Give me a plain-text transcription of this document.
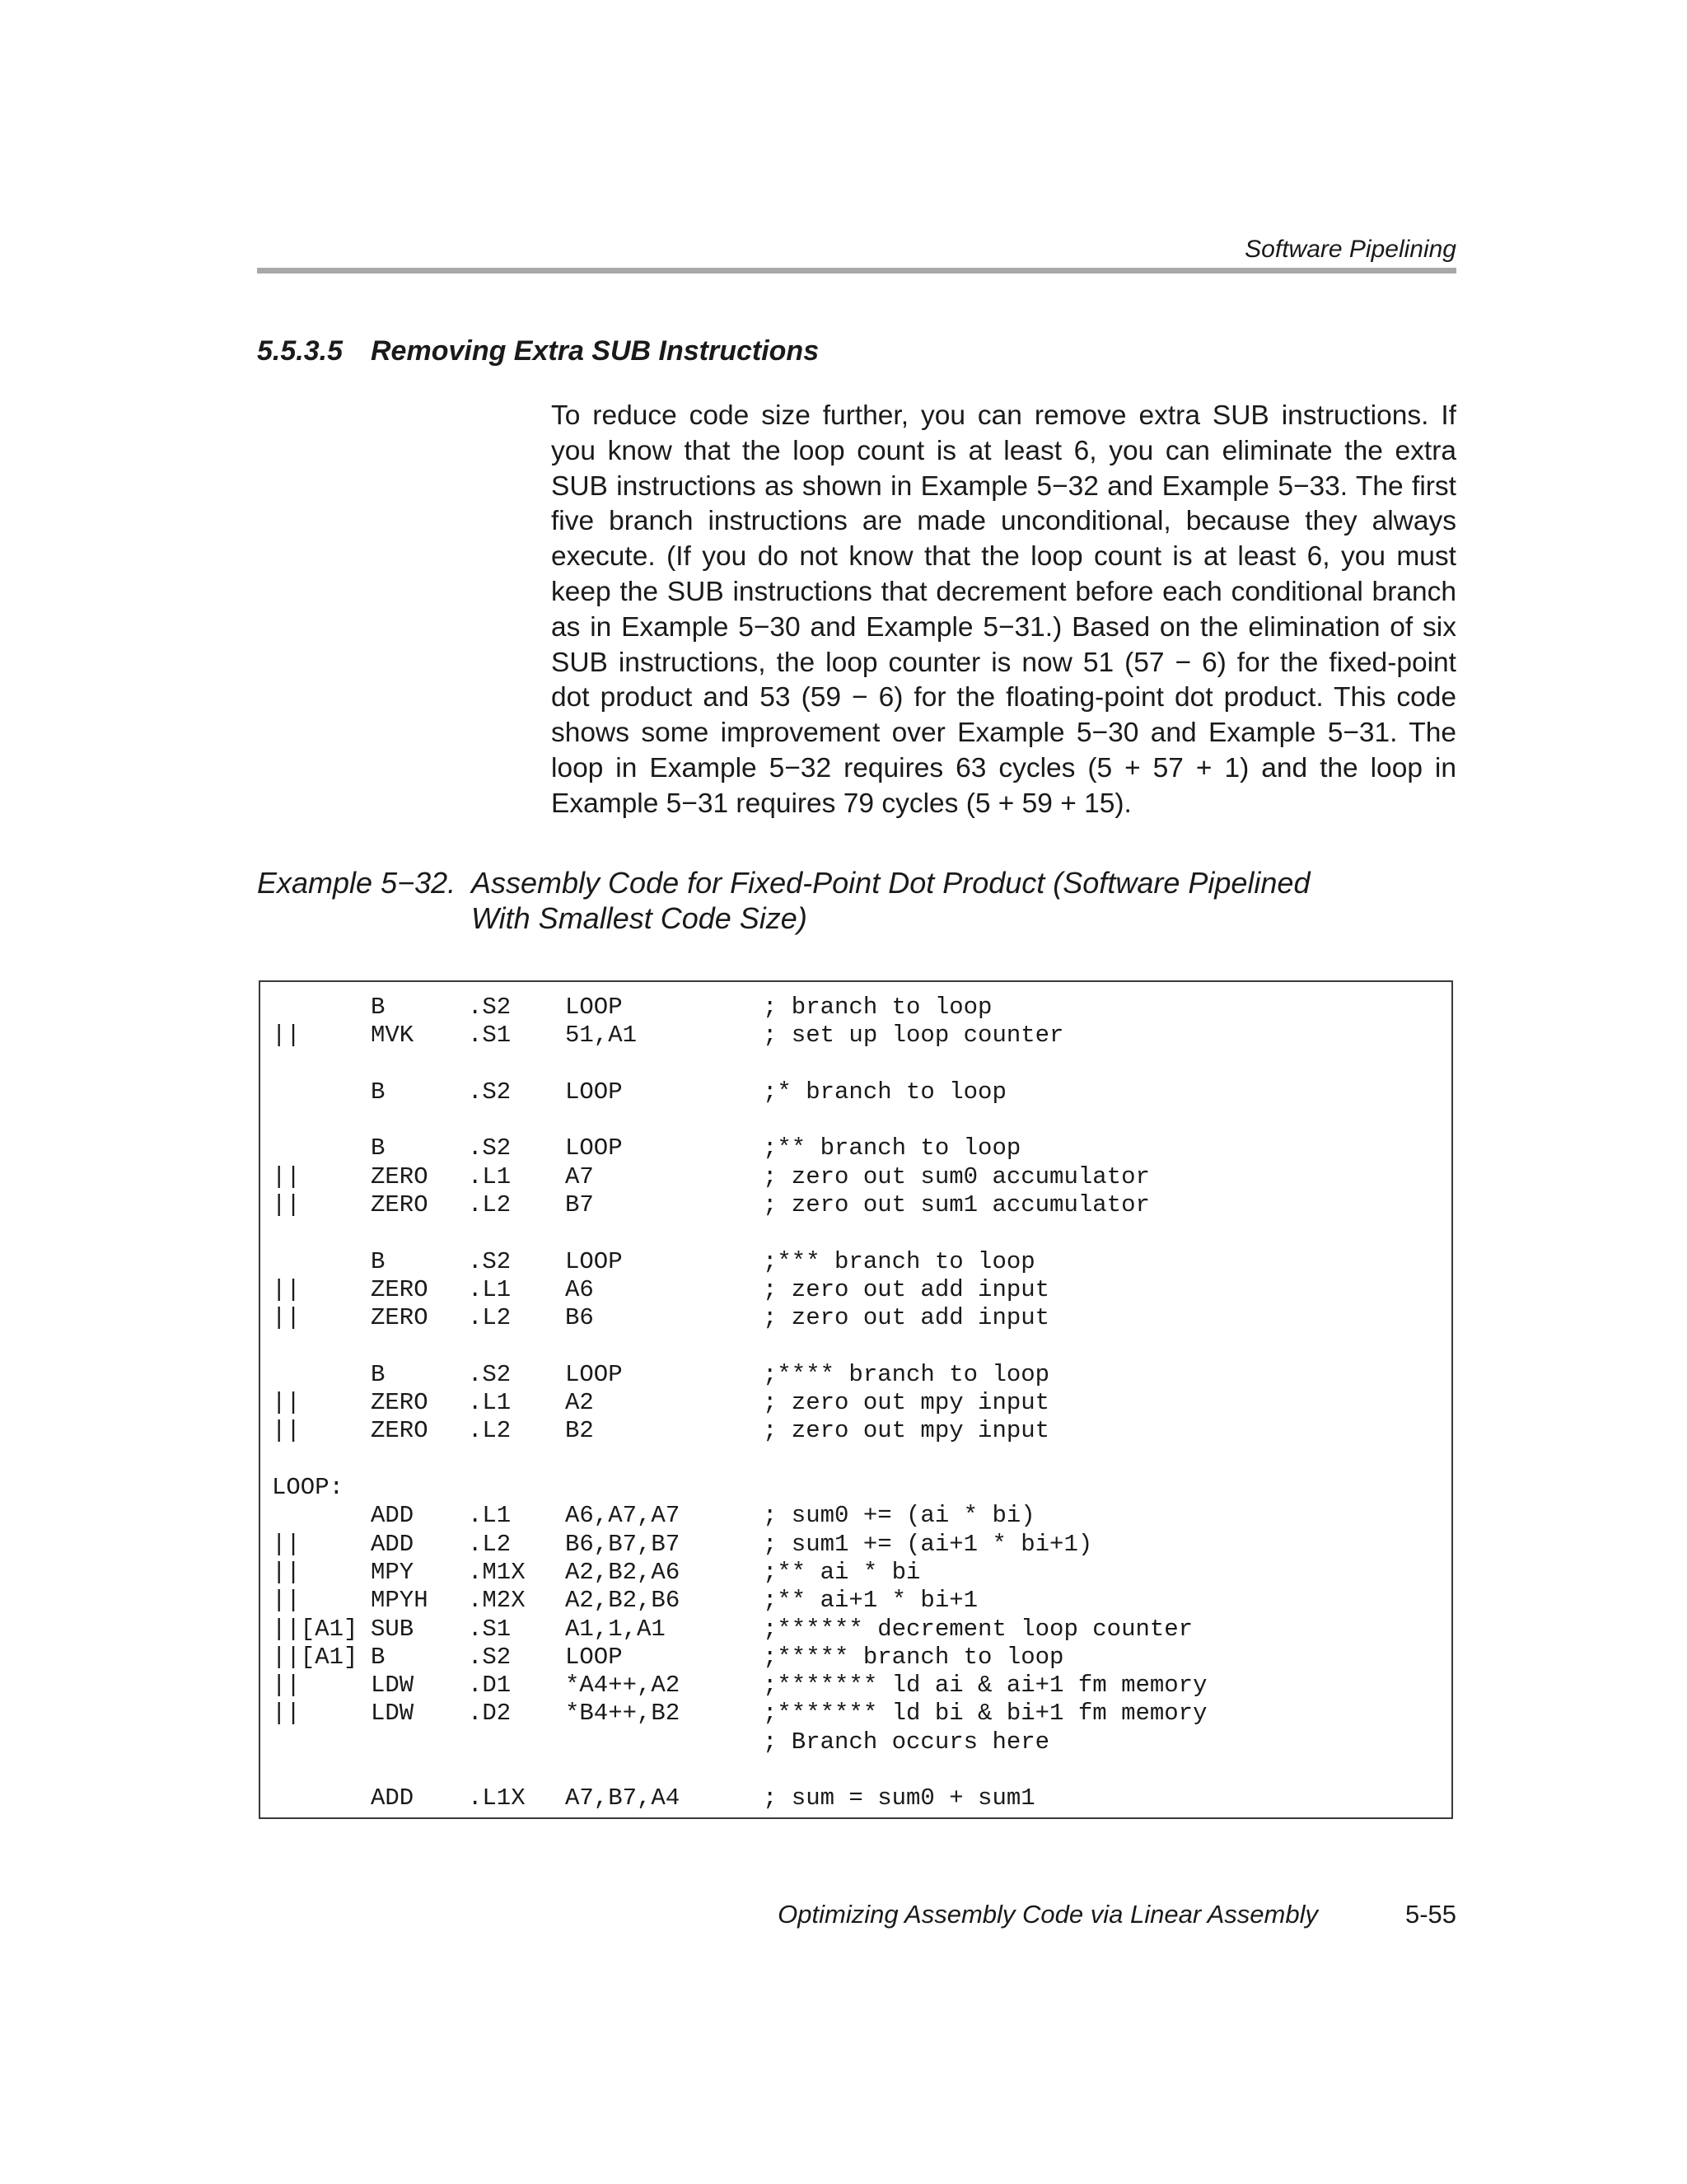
Software Pipelining
5.5.3.5 Removing Extra SUB Instructions

To reduce code size further, you can remove extra SUB instructions. If you know that the loop count is at least 6, you can eliminate the extra SUB instructions as shown in Example 5−32 and Example 5−33. The first five branch instructions are made unconditional, because they always execute. (If you do not know that the loop count is at least 6, you must keep the SUB instructions that decrement before each conditional branch as in Example 5−30 and Example 5−31.) Based on the elimination of six SUB instructions, the loop counter is now 51 (57 − 6) for the fixed-point dot product and 53 (59 − 6) for the floating-point dot product. This code shows some improvement over Example 5−30 and Example 5−31. The loop in Example 5−32 requires 63 cycles (5 + 57 + 1) and the loop in Example 5−31 requires 79 cycles (5 + 59 + 15).

Example 5−32. Assembly Code for Fixed-Point Dot Product (Software Pipelined With Smallest Code Size)
B	.S2 LOOP	; branch to loop
||	MVK .S1 51,A1	; set up loop counter
B	.S2 LOOP	;* branch to loop
B	.S2 LOOP	;** branch to loop
||	ZERO .L1 A7	; zero out sum0 accumulator
||	ZERO .L2 B7	; zero out sum1 accumulator
B	.S2 LOOP	;*** branch to loop
||	ZERO .L1 A6	; zero out add input
||	ZERO .L2 B6	; zero out add input
B	.S2 LOOP	;**** branch to loop
||	ZERO .L1 A2	; zero out mpy input
||	ZERO .L2 B2	; zero out mpy input
LOOP:
ADD .L1 A6,A7,A7	; sum0 += (ai * bi)
||	ADD .L2 B6,B7,B7	; sum1 += (ai+1 * bi+1)
||	MPY .M1X A2,B2,A6	;** ai * bi
||	MPYH .M2X A2,B2,B6	;** ai+1 * bi+1
||[A1] SUB .S1 A1,1,A1	;****** decrement loop counter
||[A1] B	.S2 LOOP	;***** branch to loop
||	LDW .D1 *A4++,A2	;******* ld ai & ai+1 fm memory
||	LDW .D2 *B4++,B2	;******* ld bi & bi+1 fm memory
; Branch occurs here
ADD .L1X A7,B7,A4	; sum = sum0 + sum1
Optimizing Assembly Code via Linear Assembly	5-55
